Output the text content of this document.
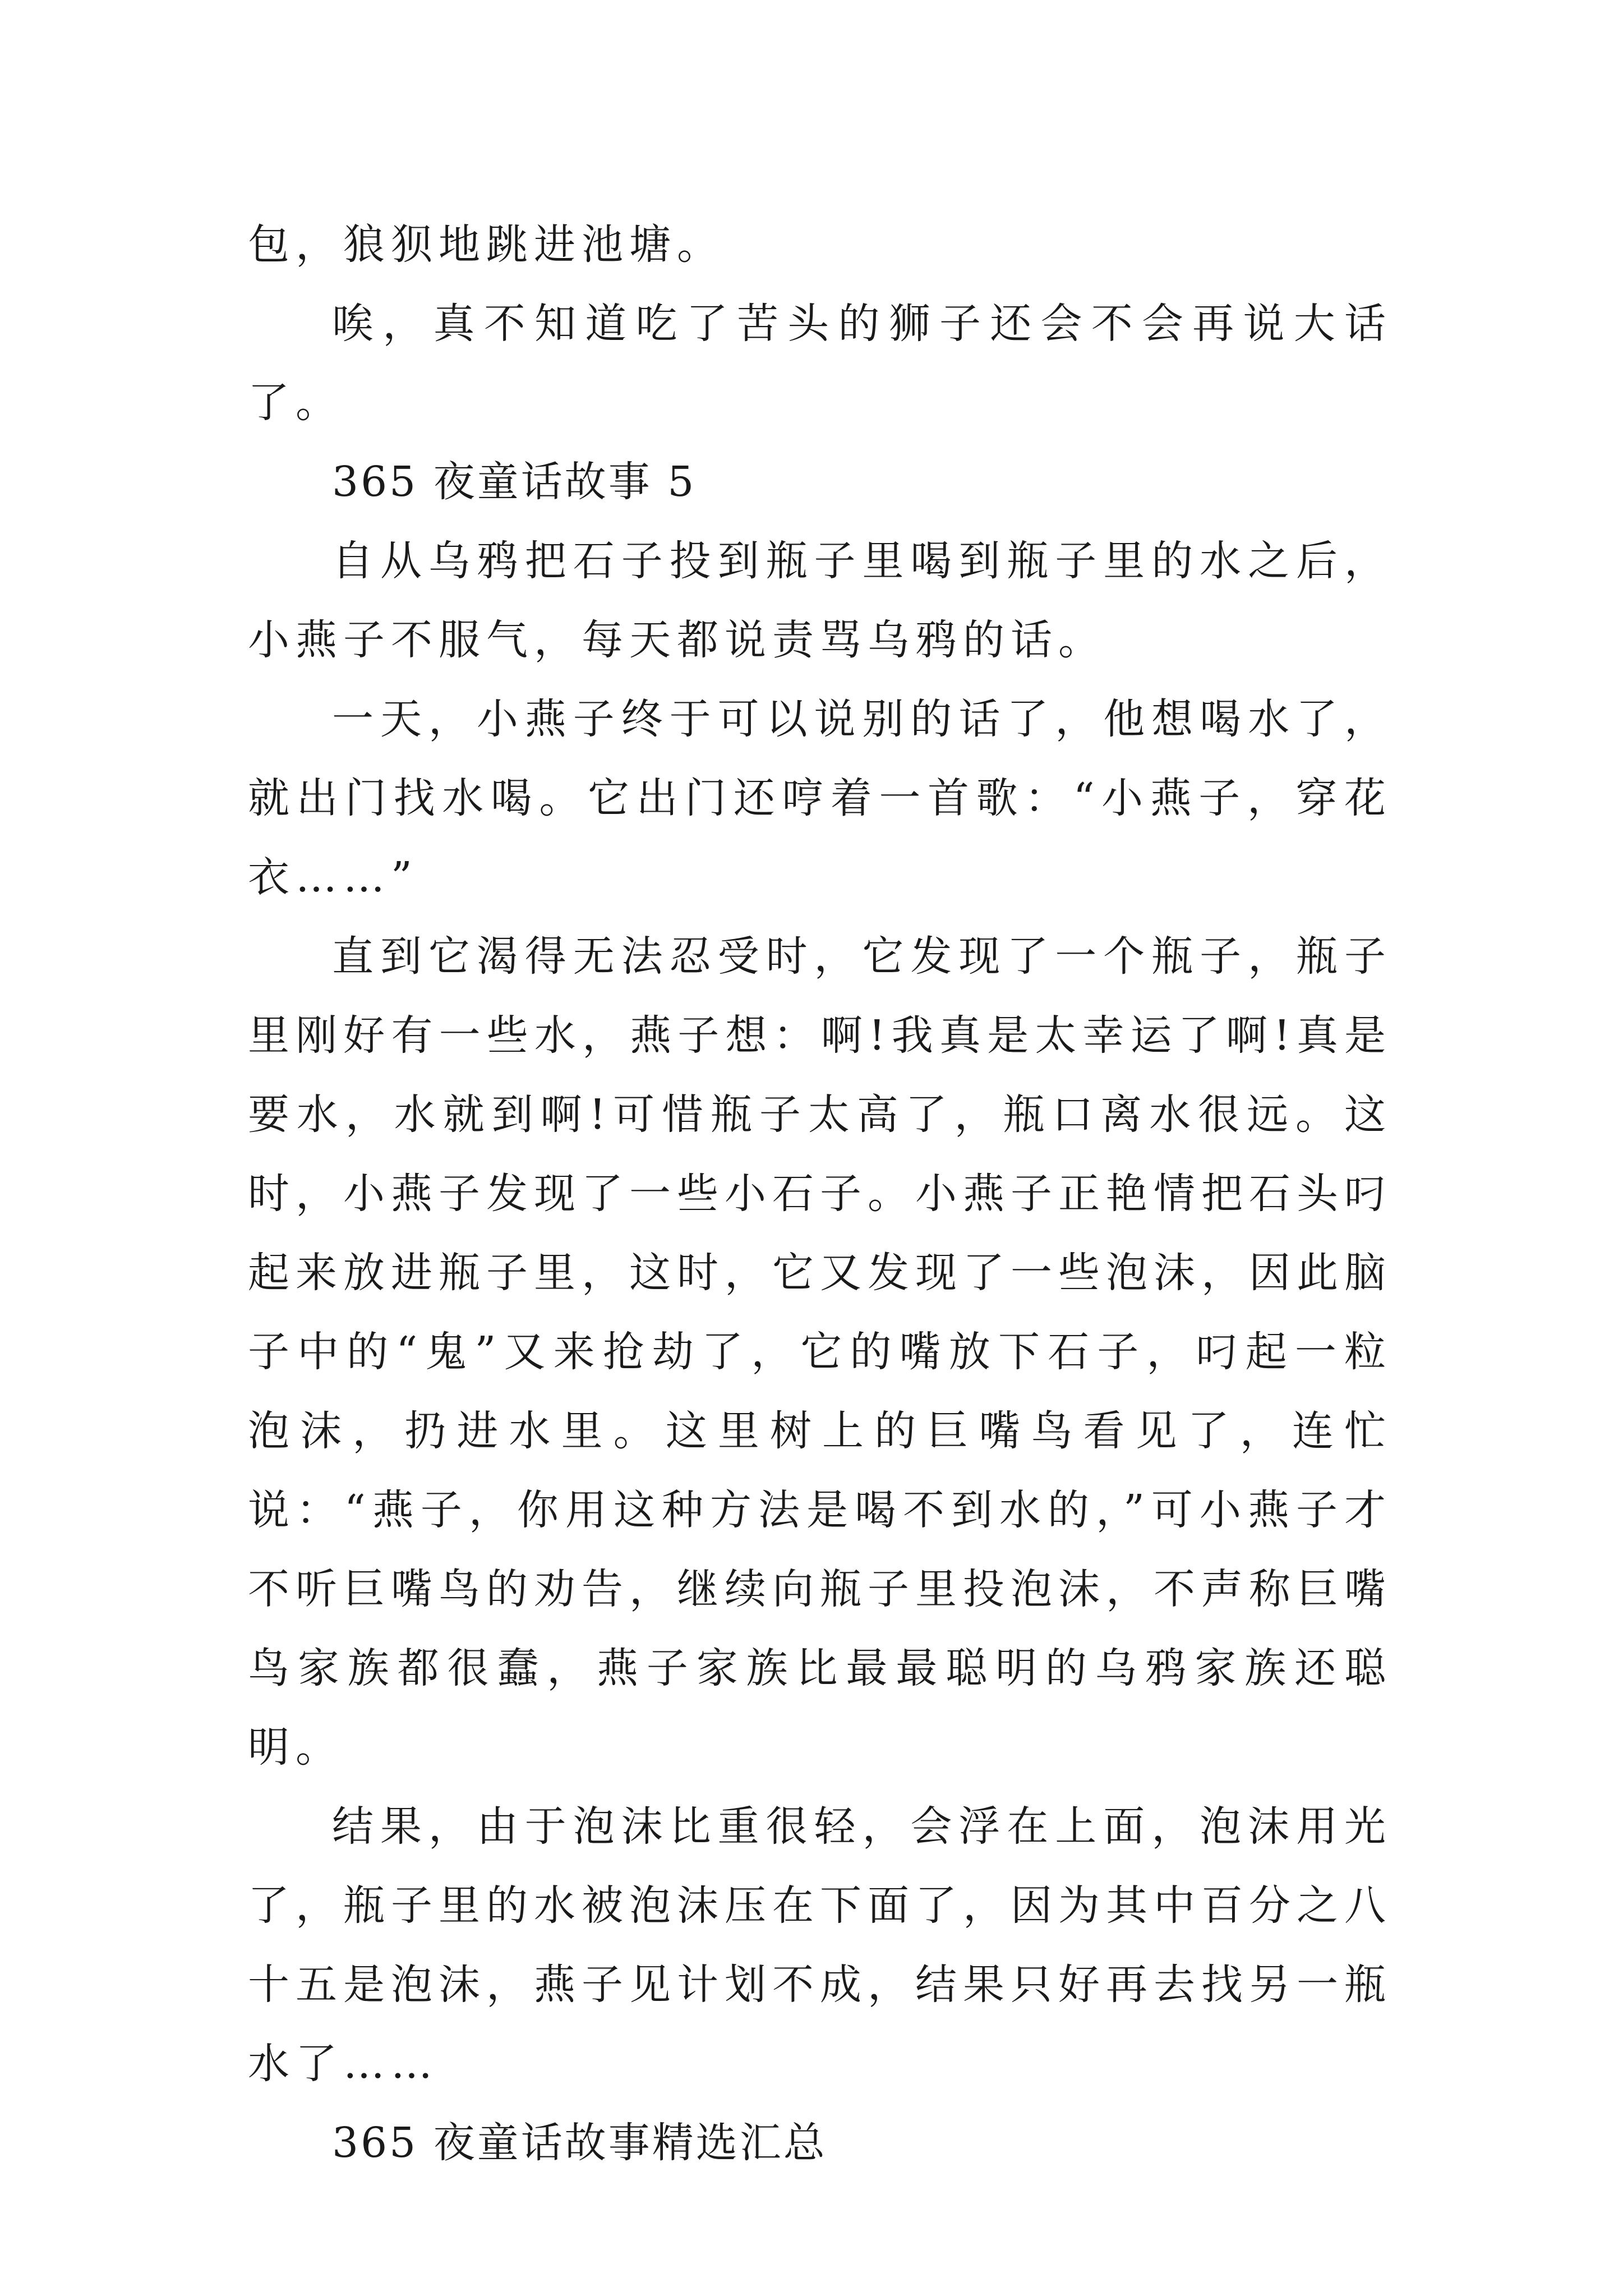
包，狼狈地跳进池塘。

唉，真不知道吃了苦头的狮子还会不会再说大话了。

365 夜童话故事 5

自从乌鸦把石子投到瓶子里喝到瓶子里的水之后，小燕子不服气，每天都说责骂乌鸦的话。

一天，小燕子终于可以说别的话了，他想喝水了，就出门找水喝。它出门还哼着一首歌：“小燕子，穿花衣……”

直到它渴得无法忍受时，它发现了一个瓶子，瓶子里刚好有一些水，燕子想：啊!我真是太幸运了啊!真是要水，水就到啊!可惜瓶子太高了，瓶口离水很远。这时，小燕子发现了一些小石子。小燕子正艳情把石头叼起来放进瓶子里，这时，它又发现了一些泡沫，因此脑子中的“鬼”又来抢劫了，它的嘴放下石子，叼起一粒泡沫，扔进水里。这里树上的巨嘴鸟看见了，连忙说：“燕子，你用这种方法是喝不到水的，”可小燕子才不听巨嘴鸟的劝告，继续向瓶子里投泡沫，不声称巨嘴鸟家族都很蠢，燕子家族比最最聪明的乌鸦家族还聪明。

结果，由于泡沫比重很轻，会浮在上面，泡沫用光了，瓶子里的水被泡沫压在下面了，因为其中百分之八十五是泡沫，燕子见计划不成，结果只好再去找另一瓶水了……

365 夜童话故事精选汇总
